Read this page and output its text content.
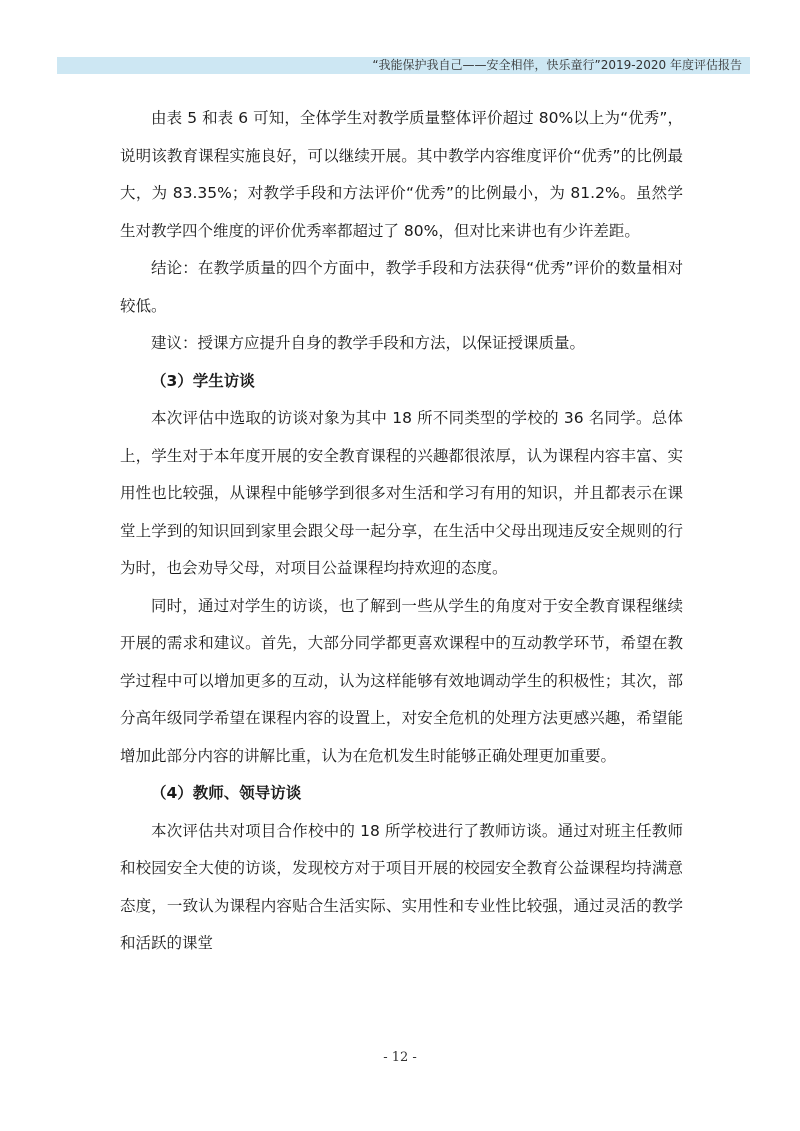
“我能保护我自己——安全相伴，快乐童行”2019-2020 年度评估报告

由表 5 和表 6 可知，全体学生对教学质量整体评价超过 80%以上为“优秀”，说明该教育课程实施良好，可以继续开展。其中教学内容维度评价“优秀”的比例最大，为 83.35%；对教学手段和方法评价“优秀”的比例最小，为 81.2%。虽然学生对教学四个维度的评价优秀率都超过了 80%，但对比来讲也有少许差距。

结论：在教学质量的四个方面中，教学手段和方法获得“优秀”评价的数量相对较低。

建议：授课方应提升自身的教学手段和方法，以保证授课质量。

（3）学生访谈

本次评估中选取的访谈对象为其中 18 所不同类型的学校的 36 名同学。总体上，学生对于本年度开展的安全教育课程的兴趣都很浓厚，认为课程内容丰富、实用性也比较强，从课程中能够学到很多对生活和学习有用的知识，并且都表示在课堂上学到的知识回到家里会跟父母一起分享，在生活中父母出现违反安全规则的行为时，也会劝导父母，对项目公益课程均持欢迎的态度。

同时，通过对学生的访谈，也了解到一些从学生的角度对于安全教育课程继续开展的需求和建议。首先，大部分同学都更喜欢课程中的互动教学环节，希望在教学过程中可以增加更多的互动，认为这样能够有效地调动学生的积极性；其次，部分高年级同学希望在课程内容的设置上，对安全危机的处理方法更感兴趣，希望能增加此部分内容的讲解比重，认为在危机发生时能够正确处理更加重要。

（4）教师、领导访谈

本次评估共对项目合作校中的 18 所学校进行了教师访谈。通过对班主任教师和校园安全大使的访谈，发现校方对于项目开展的校园安全教育公益课程均持满意态度，一致认为课程内容贴合生活实际、实用性和专业性比较强，通过灵活的教学和活跃的课堂

- 12 -
